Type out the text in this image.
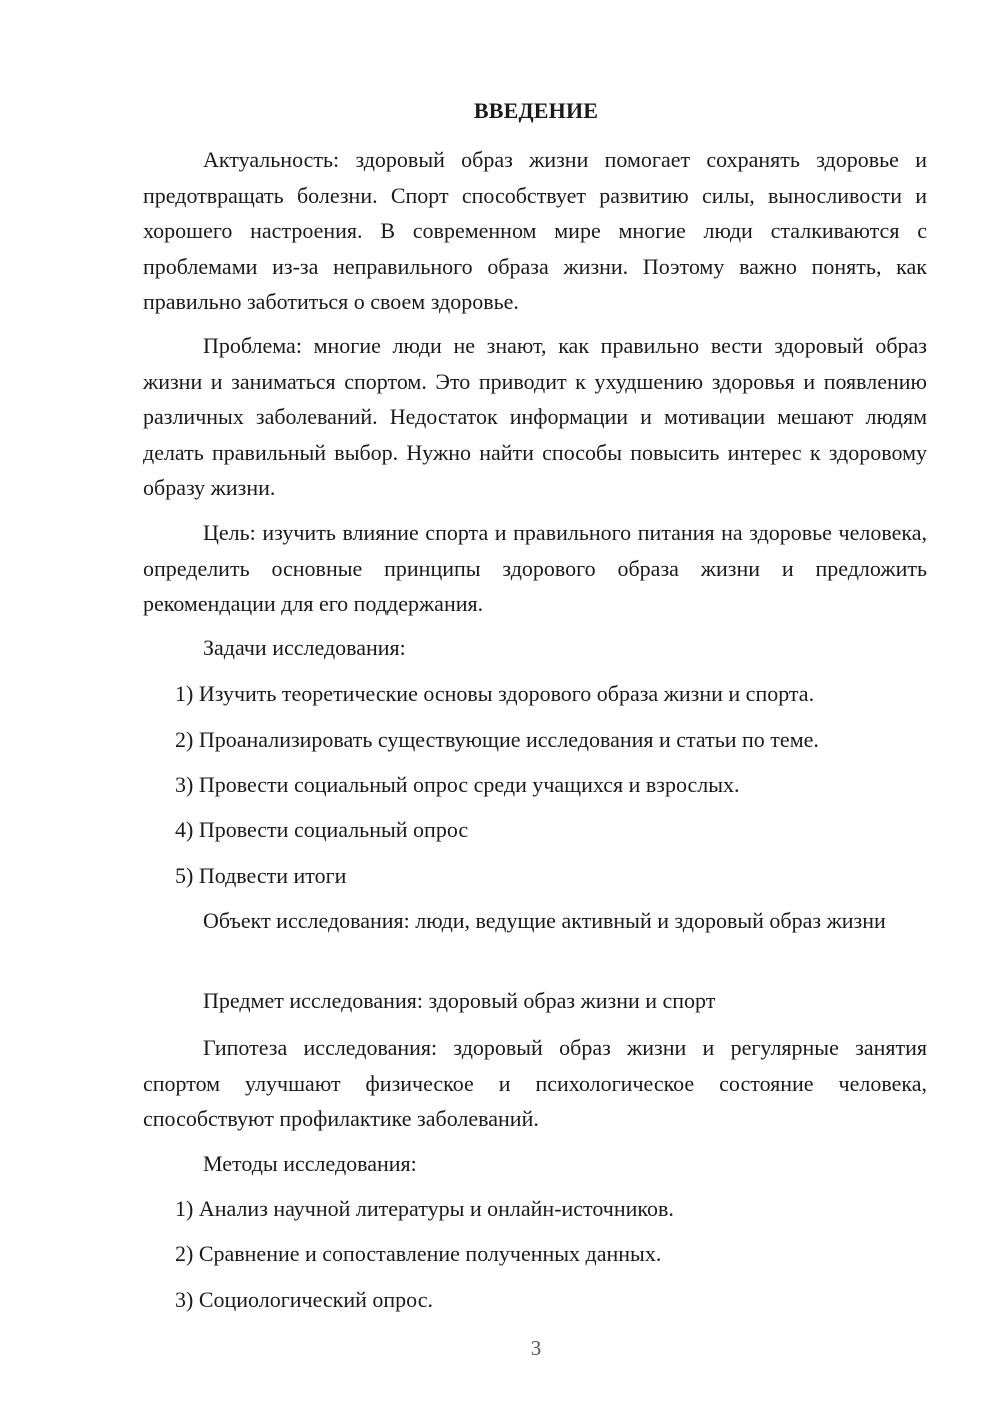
ВВЕДЕНИЕ

Актуальность: здоровый образ жизни помогает сохранять здоровье и предотвращать болезни. Спорт способствует развитию силы, выносливости и хорошего настроения. В современном мире многие люди сталкиваются с проблемами из-за неправильного образа жизни. Поэтому важно понять, как правильно заботиться о своем здоровье.

Проблема: многие люди не знают, как правильно вести здоровый образ жизни и заниматься спортом. Это приводит к ухудшению здоровья и появлению различных заболеваний. Недостаток информации и мотивации мешают людям делать правильный выбор. Нужно найти способы повысить интерес к здоровому образу жизни.

Цель: изучить влияние спорта и правильного питания на здоровье человека, определить основные принципы здорового образа жизни и предложить рекомендации для его поддержания.

Задачи исследования:

1) Изучить теоретические основы здорового образа жизни и спорта.

2) Проанализировать существующие исследования и статьи по теме.

3) Провести социальный опрос среди учащихся и взрослых.

4) Провести социальный опрос

5) Подвести итоги

Объект исследования: люди, ведущие активный и здоровый образ жизни

Предмет исследования: здоровый образ жизни и спорт

Гипотеза исследования: здоровый образ жизни и регулярные занятия спортом улучшают физическое и психологическое состояние человека, способствуют профилактике заболеваний.

Методы исследования:

1) Анализ научной литературы и онлайн-источников.

2) Сравнение и сопоставление полученных данных.

3) Социологический опрос.

3
